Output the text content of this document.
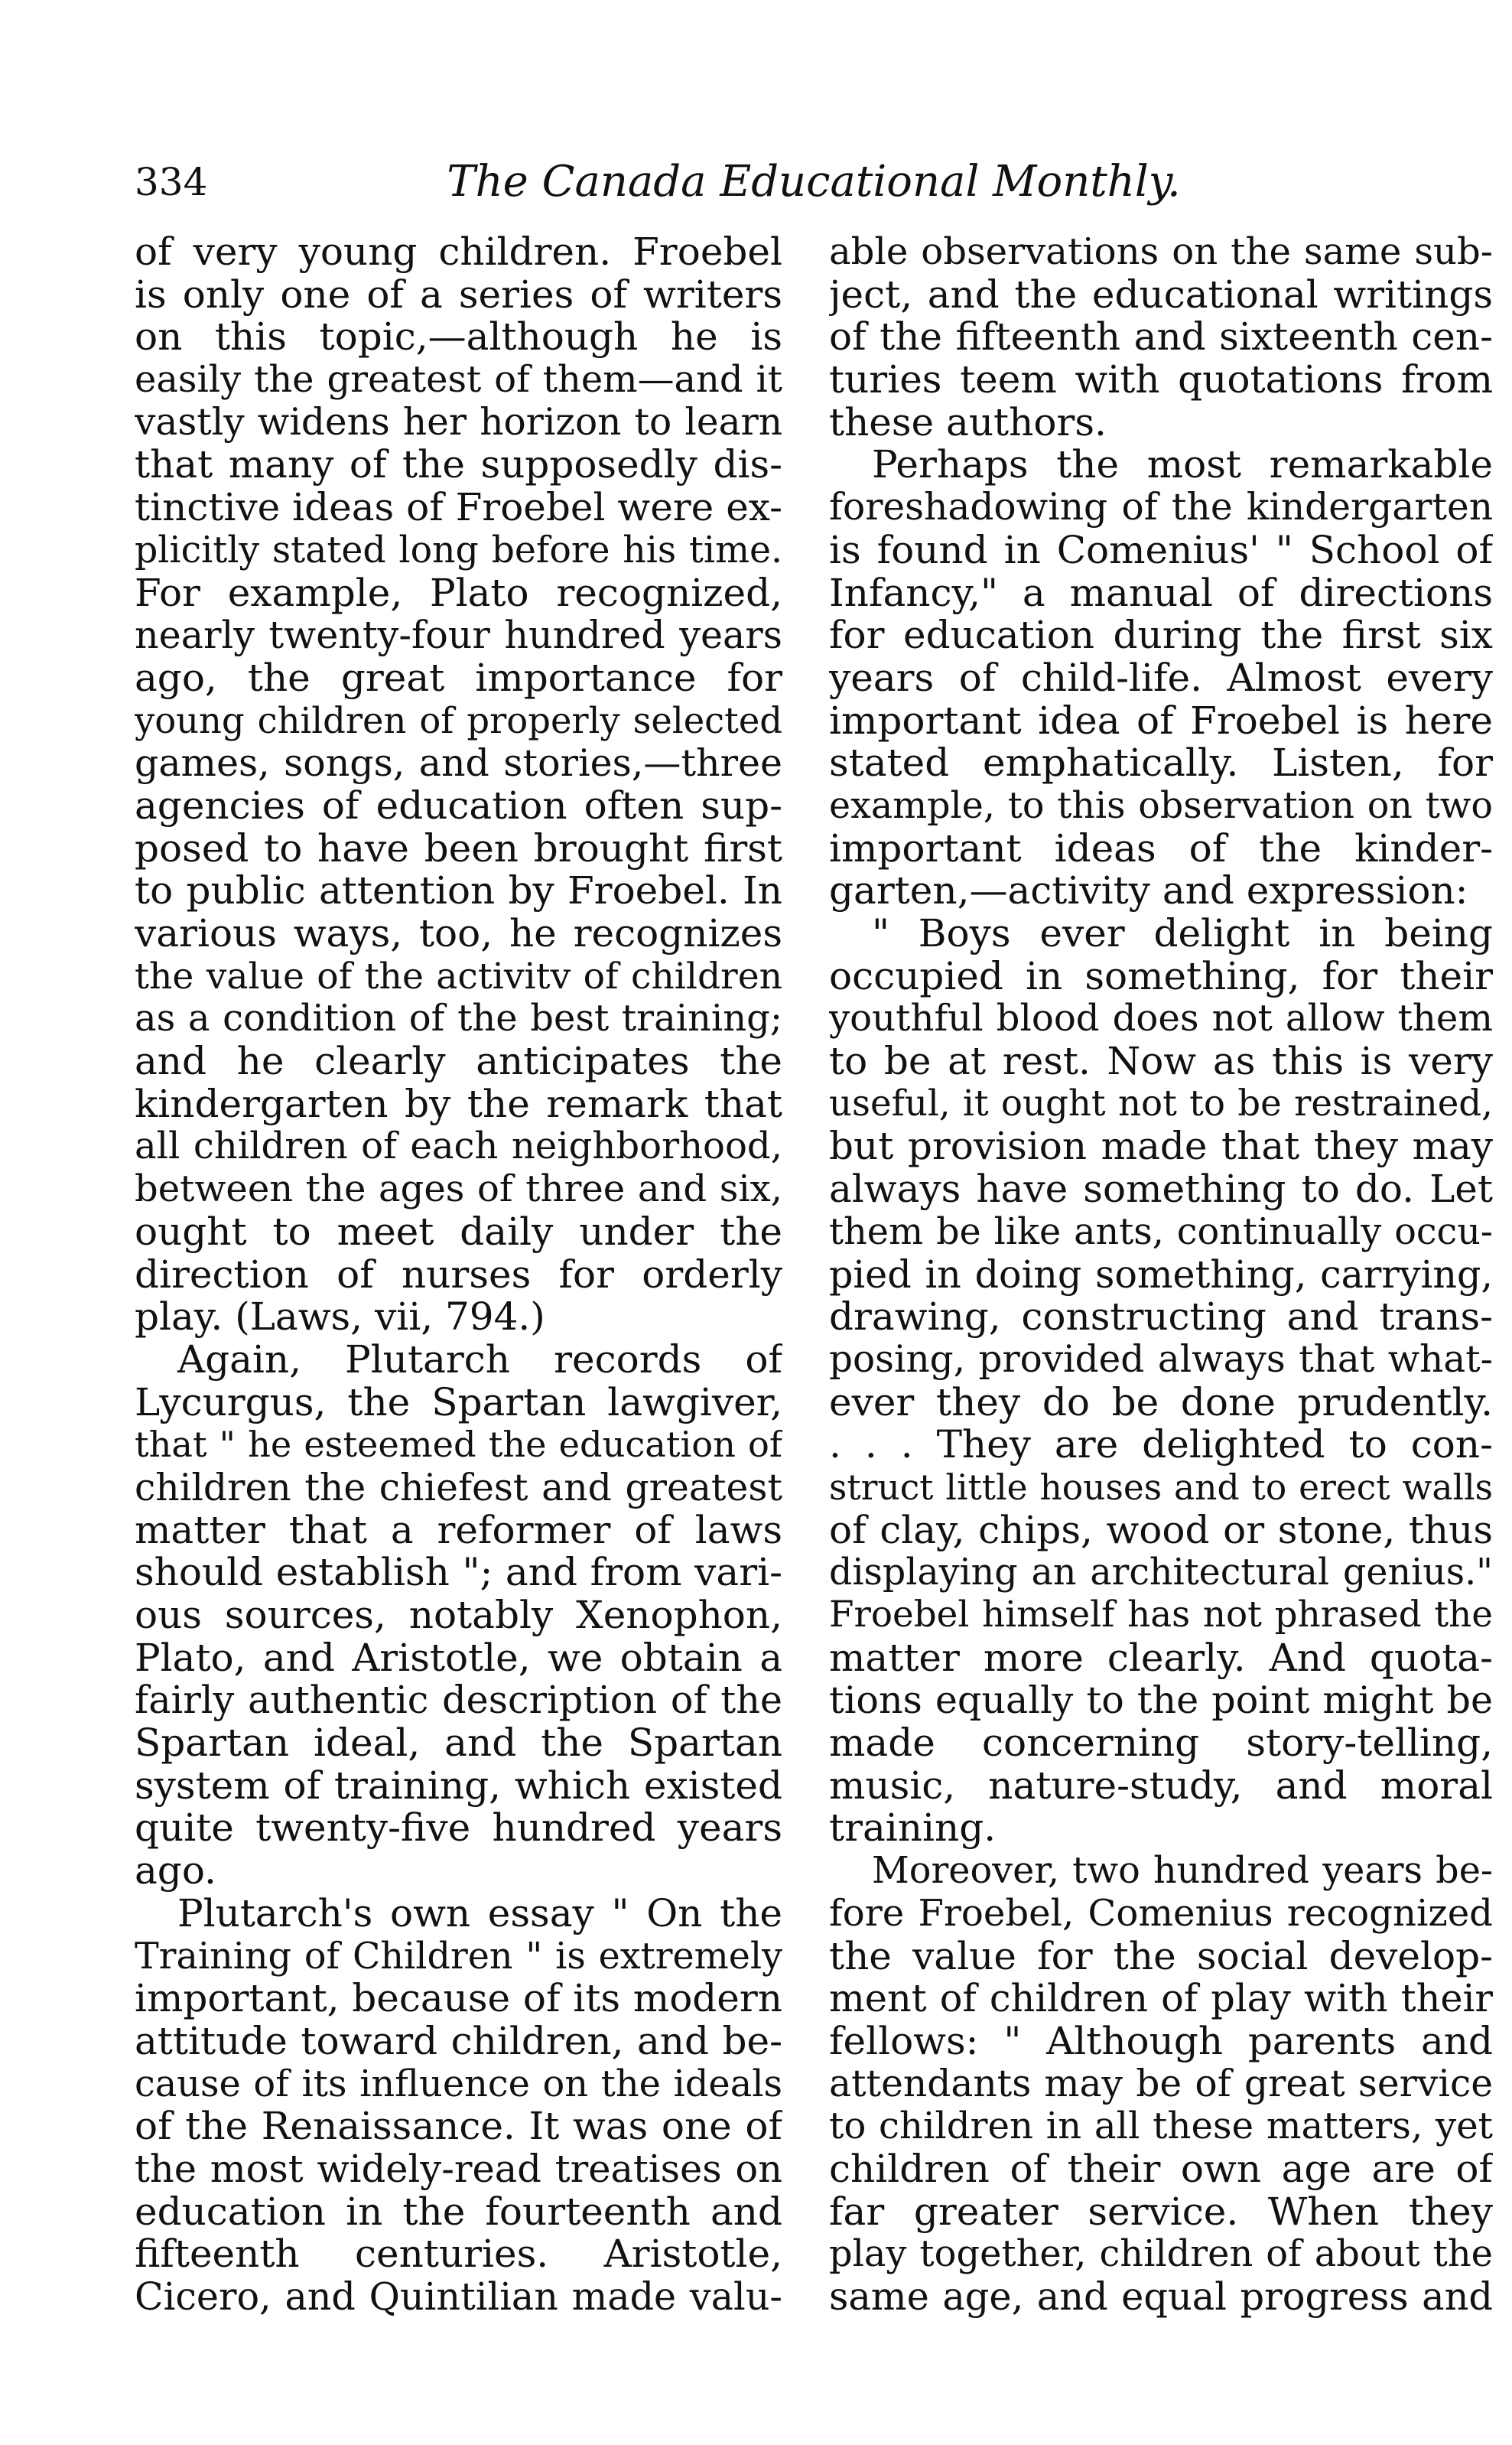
334	The Canada Educational Monthly.
of very young children. Froebel
is only one of a series of writers
on this topic,—although he is
easily the greatest of them—and it
vastly widens her horizon to learn
that many of the supposedly dis-
tinctive ideas of Froebel were ex-
plicitly stated long before his time.
For example, Plato recognized,
nearly twenty-four hundred years
ago, the great importance for
young children of properly selected
games, songs, and stories,—three
agencies of education often sup-
posed to have been brought first
to public attention by Froebel. In
various ways, too, he recognizes
the value of the activitv of children
as a condition of the best training;
and he clearly anticipates the
kindergarten by the remark that
all children of each neighborhood,
between the ages of three and six,
ought to meet daily under the
direction of nurses for orderly
play. (Laws, vii, 794.)
Again, Plutarch records of
Lycurgus, the Spartan lawgiver,
that " he esteemed the education of
children the chiefest and greatest
matter that a reformer of laws
should establish "; and from vari-
ous sources, notably Xenophon,
Plato, and Aristotle, we obtain a
fairly authentic description of the
Spartan ideal, and the Spartan
system of training, which existed
quite twenty-five hundred years
ago.
Plutarch's own essay " On the
Training of Children " is extremely
important, because of its modern
attitude toward children, and be-
cause of its influence on the ideals
of the Renaissance. It was one of
the most widely-read treatises on
education in the fourteenth and
fifteenth centuries. Aristotle,
Cicero, and Quintilian made valu-
able observations on the same sub-
ject, and the educational writings
of the fifteenth and sixteenth cen-
turies teem with quotations from
these authors.
Perhaps the most remarkable
foreshadowing of the kindergarten
is found in Comenius' " School of
Infancy," a manual of directions
for education during the first six
years of child-life. Almost every
important idea of Froebel is here
stated emphatically. Listen, for
example, to this observation on two
important ideas of the kinder-
garten,—activity and expression:
" Boys ever delight in being
occupied in something, for their
youthful blood does not allow them
to be at rest. Now as this is very
useful, it ought not to be restrained,
but provision made that they may
always have something to do. Let
them be like ants, continually occu-
pied in doing something, carrying,
drawing, constructing and trans-
posing, provided always that what-
ever they do be done prudently.
. . . They are delighted to con-
struct little houses and to erect walls
of clay, chips, wood or stone, thus
displaying an architectural genius."
Froebel himself has not phrased the
matter more clearly. And quota-
tions equally to the point might be
made concerning story-telling,
music, nature-study, and moral
training.
Moreover, two hundred years be-
fore Froebel, Comenius recognized
the value for the social develop-
ment of children of play with their
fellows: " Although parents and
attendants may be of great service
to children in all these matters, yet
children of their own age are of
far greater service. When they
play together, children of about the
same age, and equal progress and
